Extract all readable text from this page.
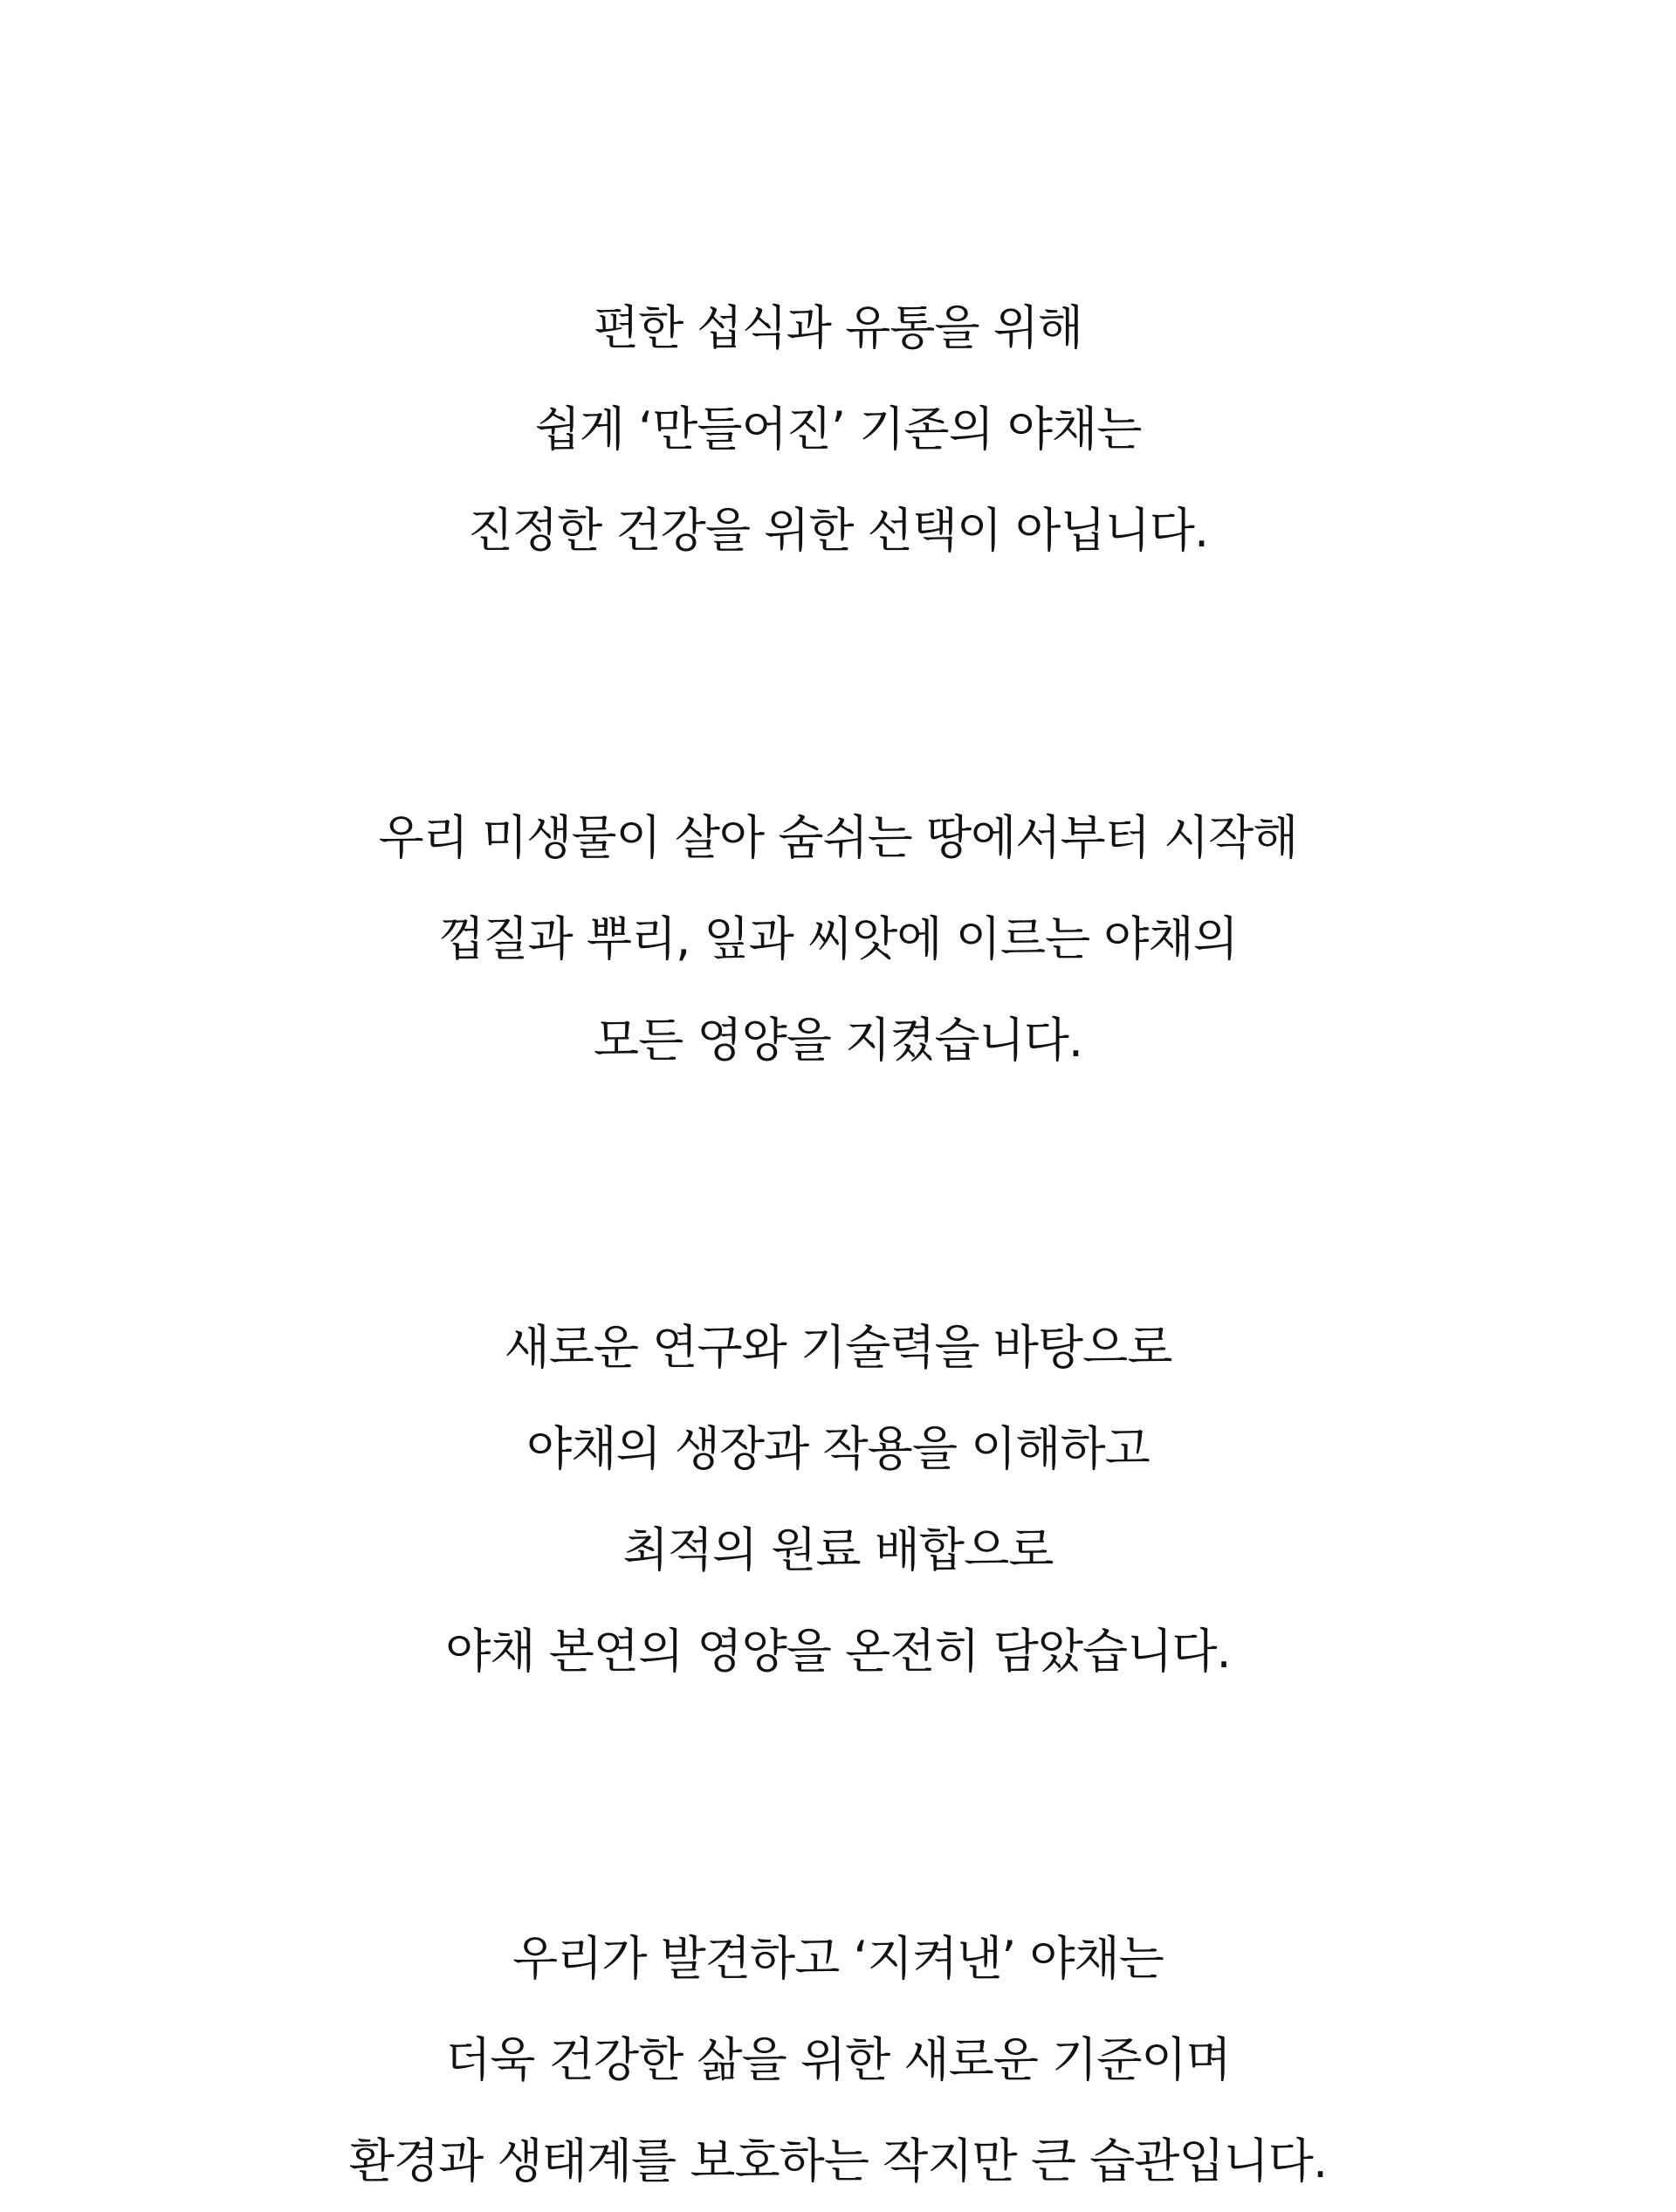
편한 섭식과 유통을 위해
쉽게 ‘만들어진’ 기존의 야채는
진정한 건강을 위한 선택이 아닙니다.

우리 미생물이 살아 숨쉬는 땅에서부터 시작해
껍질과 뿌리, 잎과 씨앗에 이르는 야채의
모든 영양을 지켰습니다.

새로운 연구와 기술력을 바탕으로
야채의 생장과 작용을 이해하고
최적의 원료 배합으로
야채 본연의 영양을 온전히 담았습니다.

우리가 발견하고 ‘지켜낸’ 야채는
더욱 건강한 삶을 위한 새로운 기준이며
환경과 생태계를 보호하는 작지만 큰 습관입니다.
